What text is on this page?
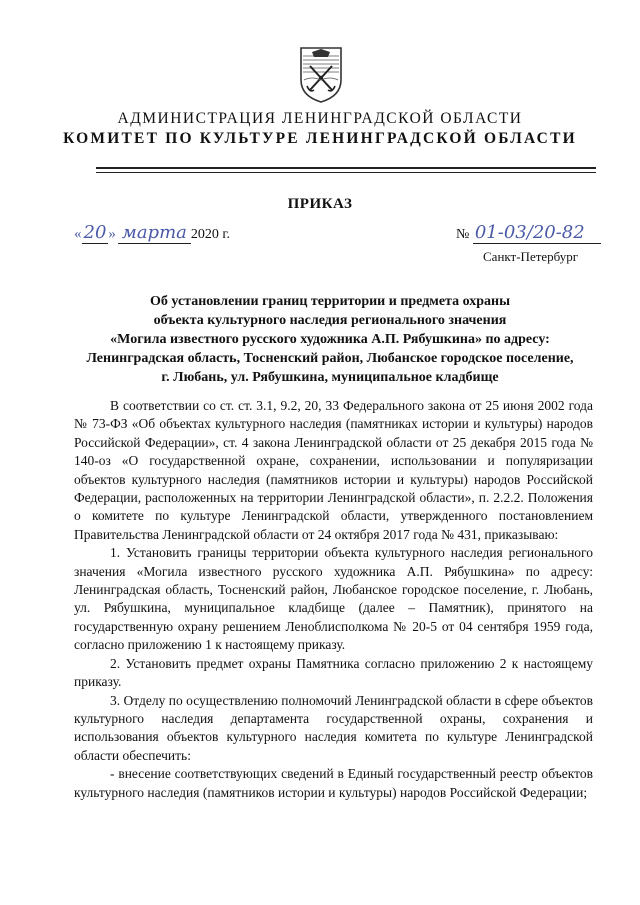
АДМИНИСТРАЦИЯ ЛЕНИНГРАДСКОЙ ОБЛАСТИ
КОМИТЕТ ПО КУЛЬТУРЕ ЛЕНИНГРАДСКОЙ ОБЛАСТИ
ПРИКАЗ
« 20 » марта 2020 г.	№ 01-03/20-82
Санкт-Петербург
Об установлении границ территории и предмета охраны
объекта культурного наследия регионального значения
«Могила известного русского художника А.П. Рябушкина» по адресу:
Ленинградская область, Тосненский район, Любанское городское поселение,
г. Любань, ул. Рябушкина, муниципальное кладбище

В соответствии со ст. ст. 3.1, 9.2, 20, 33 Федерального закона от 25 июня 2002 года № 73-ФЗ «Об объектах культурного наследия (памятниках истории и культуры) народов Российской Федерации», ст. 4 закона Ленинградской области от 25 декабря 2015 года № 140-оз «О государственной охране, сохранении, использовании и популяризации объектов культурного наследия (памятников истории и культуры) народов Российской Федерации, расположенных на территории Ленинградской области», п. 2.2.2. Положения о комитете по культуре Ленинградской области, утвержденного постановлением Правительства Ленинградской области от 24 октября 2017 года № 431, приказываю:

1. Установить границы территории объекта культурного наследия регионального значения «Могила известного русского художника А.П. Рябушкина» по адресу: Ленинградская область, Тосненский район, Любанское городское поселение, г. Любань, ул. Рябушкина, муниципальное кладбище (далее – Памятник), принятого на государственную охрану решением Леноблисполкома № 20-5 от 04 сентября 1959 года, согласно приложению 1 к настоящему приказу.

2. Установить предмет охраны Памятника согласно приложению 2 к настоящему приказу.

3. Отделу по осуществлению полномочий Ленинградской области в сфере объектов культурного наследия департамента государственной охраны, сохранения и использования объектов культурного наследия комитета по культуре Ленинградской области обеспечить:

- внесение соответствующих сведений в Единый государственный реестр объектов культурного наследия (памятников истории и культуры) народов Российской Федерации;
